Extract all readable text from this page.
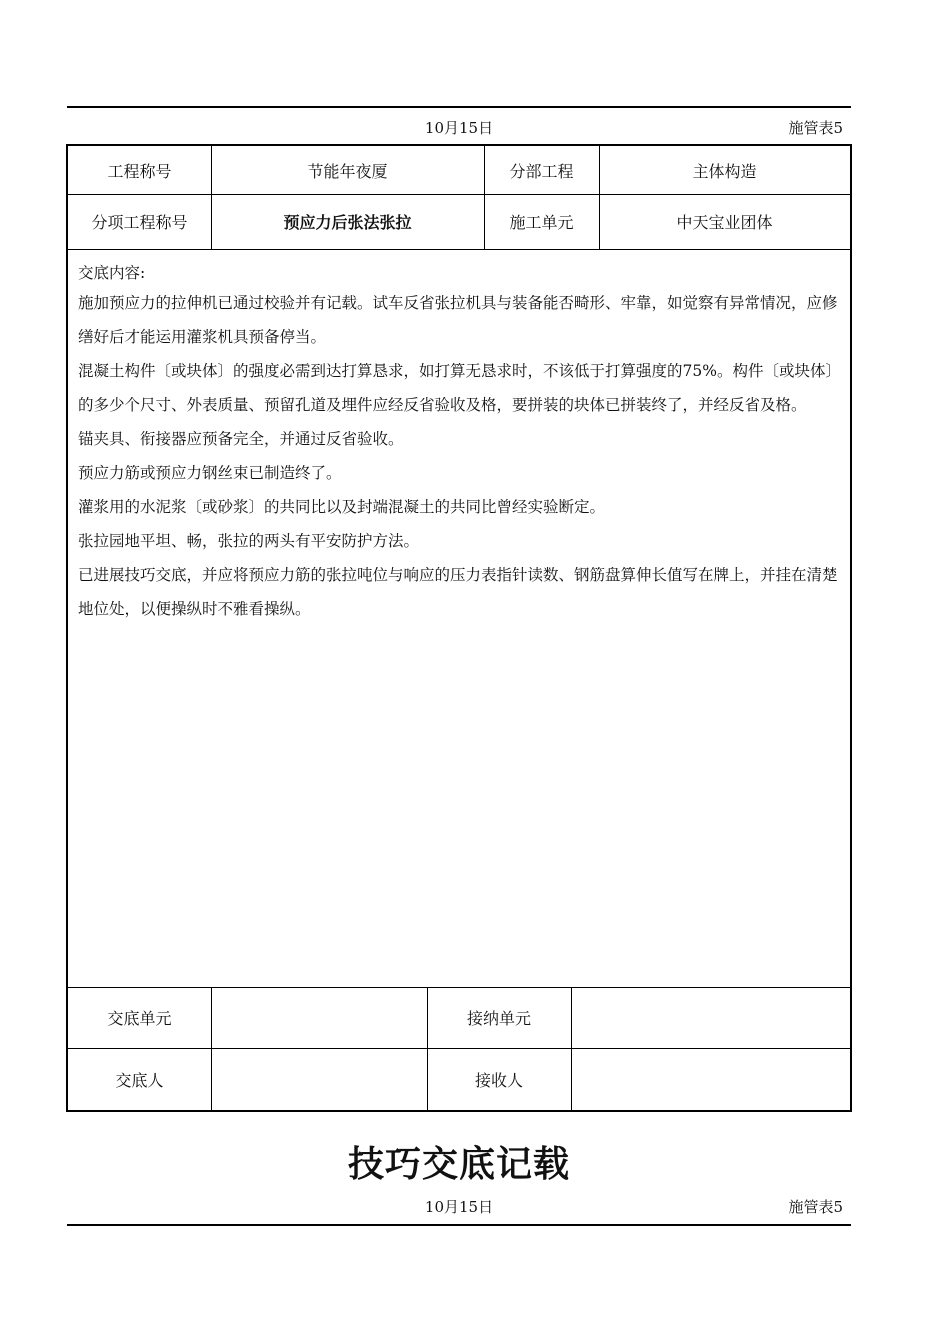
10月15日	施管表5
工程称号	节能年夜厦	分部工程	主体构造
分项工程称号	预应力后张法张拉	施工单元	中天宝业团体

交底内容:

施加预应力的拉伸机已通过校验并有记载。试车反省张拉机具与装备能否畸形、牢靠，如觉察有异常情况，应修缮好后才能运用灌浆机具预备停当。

混凝土构件〔或块体〕的强度必需到达打算恳求，如打算无恳求时，不该低于打算强度的75%。构件〔或块体〕的多少个尺寸、外表质量、预留孔道及埋件应经反省验收及格，要拼装的块体已拼装终了，并经反省及格。

锚夹具、衔接器应预备完全，并通过反省验收。

预应力筋或预应力钢丝束已制造终了。

灌浆用的水泥浆〔或砂浆〕的共同比以及封端混凝土的共同比曾经实验断定。

张拉园地平坦、畅，张拉的两头有平安防护方法。

已进展技巧交底，并应将预应力筋的张拉吨位与响应的压力表指针读数、钢筋盘算伸长值写在牌上，并挂在清楚地位处，以便操纵时不雅看操纵。

交底单元	接纳单元
交底人	接收人
技巧交底记载
10月15日	施管表5
